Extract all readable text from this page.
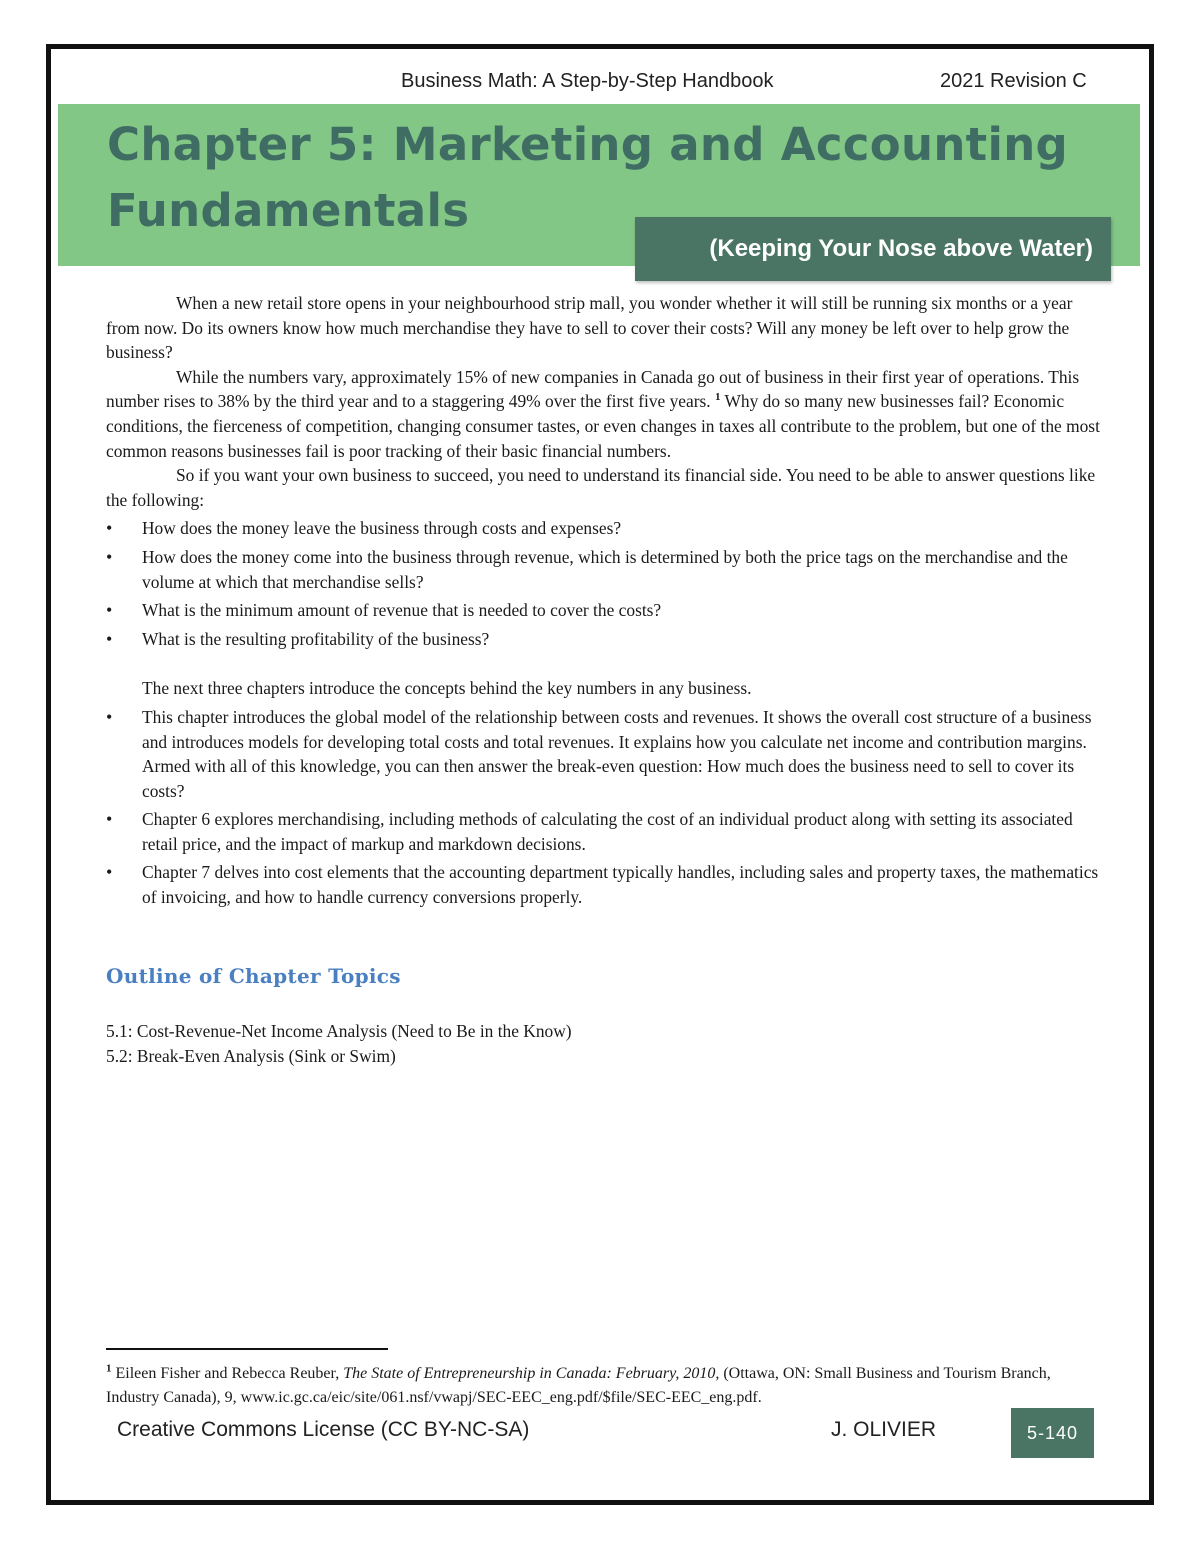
Business Math: A Step-by-Step Handbook	2021 Revision C
Chapter 5: Marketing and Accounting Fundamentals
(Keeping Your Nose above Water)

When a new retail store opens in your neighbourhood strip mall, you wonder whether it will still be running six months or a year from now. Do its owners know how much merchandise they have to sell to cover their costs? Will any money be left over to help grow the business?

While the numbers vary, approximately 15% of new companies in Canada go out of business in their first year of operations. This number rises to 38% by the third year and to a staggering 49% over the first five years. $^1$ Why do so many new businesses fail? Economic conditions, the fierceness of competition, changing consumer tastes, or even changes in taxes all contribute to the problem, but one of the most common reasons businesses fail is poor tracking of their basic financial numbers.

So if you want your own business to succeed, you need to understand its financial side. You need to be able to answer questions like the following:

• How does the money leave the business through costs and expenses?
• How does the money come into the business through revenue, which is determined by both the price tags on the merchandise and the volume at which that merchandise sells?
• What is the minimum amount of revenue that is needed to cover the costs?
• What is the resulting profitability of the business?

The next three chapters introduce the concepts behind the key numbers in any business.

• This chapter introduces the global model of the relationship between costs and revenues. It shows the overall cost structure of a business and introduces models for developing total costs and total revenues. It explains how you calculate net income and contribution margins. Armed with all of this knowledge, you can then answer the break-even question: How much does the business need to sell to cover its costs?
• Chapter 6 explores merchandising, including methods of calculating the cost of an individual product along with setting its associated retail price, and the impact of markup and markdown decisions.
• Chapter 7 delves into cost elements that the accounting department typically handles, including sales and property taxes, the mathematics of invoicing, and how to handle currency conversions properly.
Outline of Chapter Topics
5.1: Cost-Revenue-Net Income Analysis (Need to Be in the Know)
5.2: Break-Even Analysis (Sink or Swim)
$^1$ Eileen Fisher and Rebecca Reuber, The State of Entrepreneurship in Canada: February, 2010, (Ottawa, ON: Small Business and Tourism Branch, Industry Canada), 9, www.ic.gc.ca/eic/site/061.nsf/vwapj/SEC-EEC_eng.pdf/$file/SEC-EEC_eng.pdf.
Creative Commons License (CC BY-NC-SA)	J. OLIVIER	5-140
